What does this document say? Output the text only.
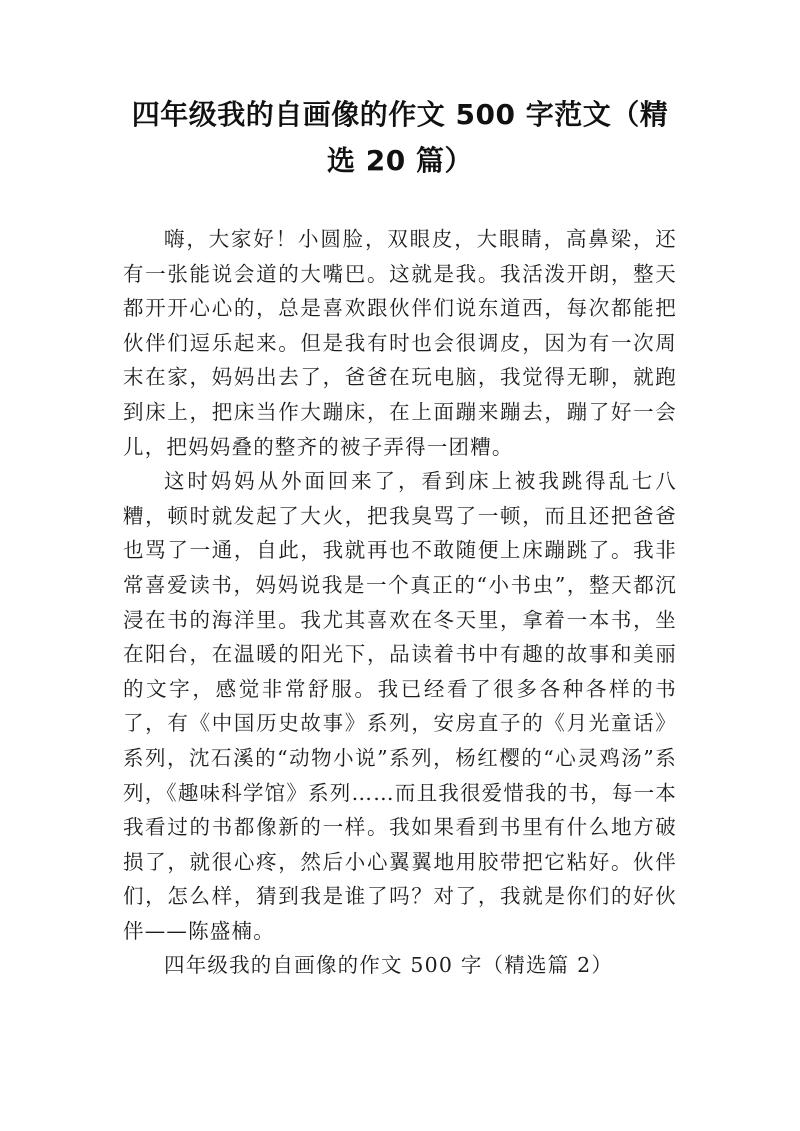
四年级我的自画像的作文 500 字范文（精选 20 篇）

嗨，大家好！小圆脸，双眼皮，大眼睛，高鼻梁，还有一张能说会道的大嘴巴。这就是我。我活泼开朗，整天都开开心心的，总是喜欢跟伙伴们说东道西，每次都能把伙伴们逗乐起来。但是我有时也会很调皮，因为有一次周末在家，妈妈出去了，爸爸在玩电脑，我觉得无聊，就跑到床上，把床当作大蹦床，在上面蹦来蹦去，蹦了好一会儿，把妈妈叠的整齐的被子弄得一团糟。

这时妈妈从外面回来了，看到床上被我跳得乱七八糟，顿时就发起了大火，把我臭骂了一顿，而且还把爸爸也骂了一通，自此，我就再也不敢随便上床蹦跳了。我非常喜爱读书，妈妈说我是一个真正的“小书虫”，整天都沉浸在书的海洋里。我尤其喜欢在冬天里，拿着一本书，坐在阳台，在温暖的阳光下，品读着书中有趣的故事和美丽的文字，感觉非常舒服。我已经看了很多各种各样的书了，有《中国历史故事》系列，安房直子的《月光童话》系列，沈石溪的“动物小说”系列，杨红樱的“心灵鸡汤”系列，《趣味科学馆》系列……而且我很爱惜我的书，每一本我看过的书都像新的一样。我如果看到书里有什么地方破损了，就很心疼，然后小心翼翼地用胶带把它粘好。伙伴们，怎么样，猜到我是谁了吗？对了，我就是你们的好伙伴——陈盛楠。

四年级我的自画像的作文 500 字（精选篇 2）
